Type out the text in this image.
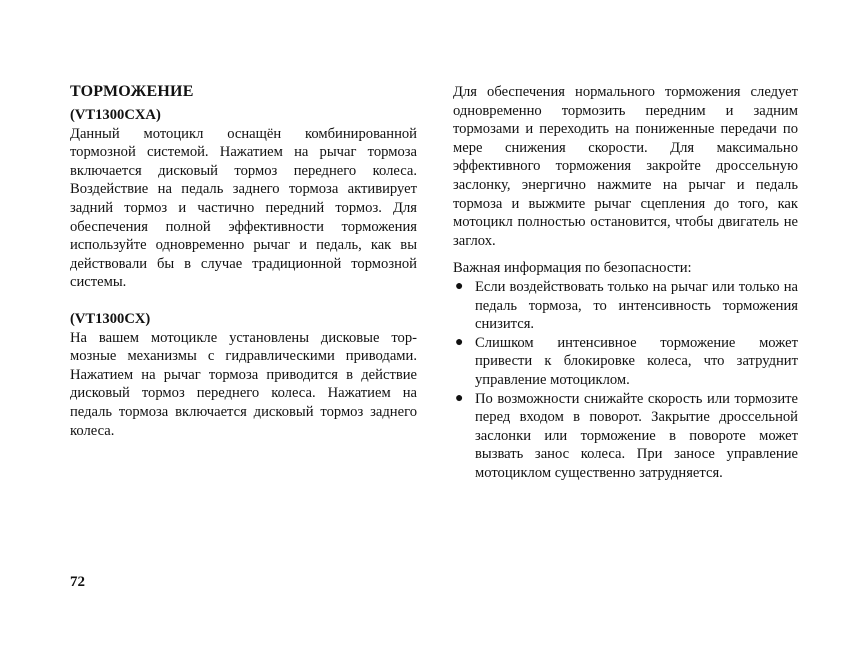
ТОРМОЖЕНИЕ

(VT1300CXA)

Данный мотоцикл оснащён комбинированной тормозной системой. Нажатием на рычаг тормоза включается дисковый тормоз переднего колеса. Воздействие на педаль заднего тормоза активирует задний тормоз и частично передний тормоз. Для обеспечения полной эффективности торможения используйте одновременно рычаг и педаль, как вы действовали бы в случае традиционной тормозной системы.

(VT1300CX)

На вашем мотоцикле установлены дисковые тормозные механизмы с гидравлическими приводами. Нажатием на рычаг тормоза приводится в действие дисковый тормоз переднего колеса. Нажатием на педаль тормоза включается дисковый тормоз заднего колеса.

Для обеспечения нормального торможения следует одновременно тормозить передним и задним тормозами и переходить на пониженные передачи по мере снижения скорости. Для максимально эффективного торможения закройте дроссельную заслонку, энергично нажмите на рычаг и педаль тормоза и выжмите рычаг сцепления до того, как мотоцикл полностью остановится, чтобы двигатель не заглох.

Важная информация по безопасности:

● Если воздействовать только на рычаг или только на педаль тормоза, то интенсивность торможения снизится.
● Слишком интенсивное торможение может привести к блокировке колеса, что затруднит управление мотоциклом.
● По возможности снижайте скорость или тормозите перед входом в поворот. Закрытие дроссельной заслонки или торможение в повороте может вызвать занос колеса. При заносе управление мотоциклом существенно затрудняется.
72
